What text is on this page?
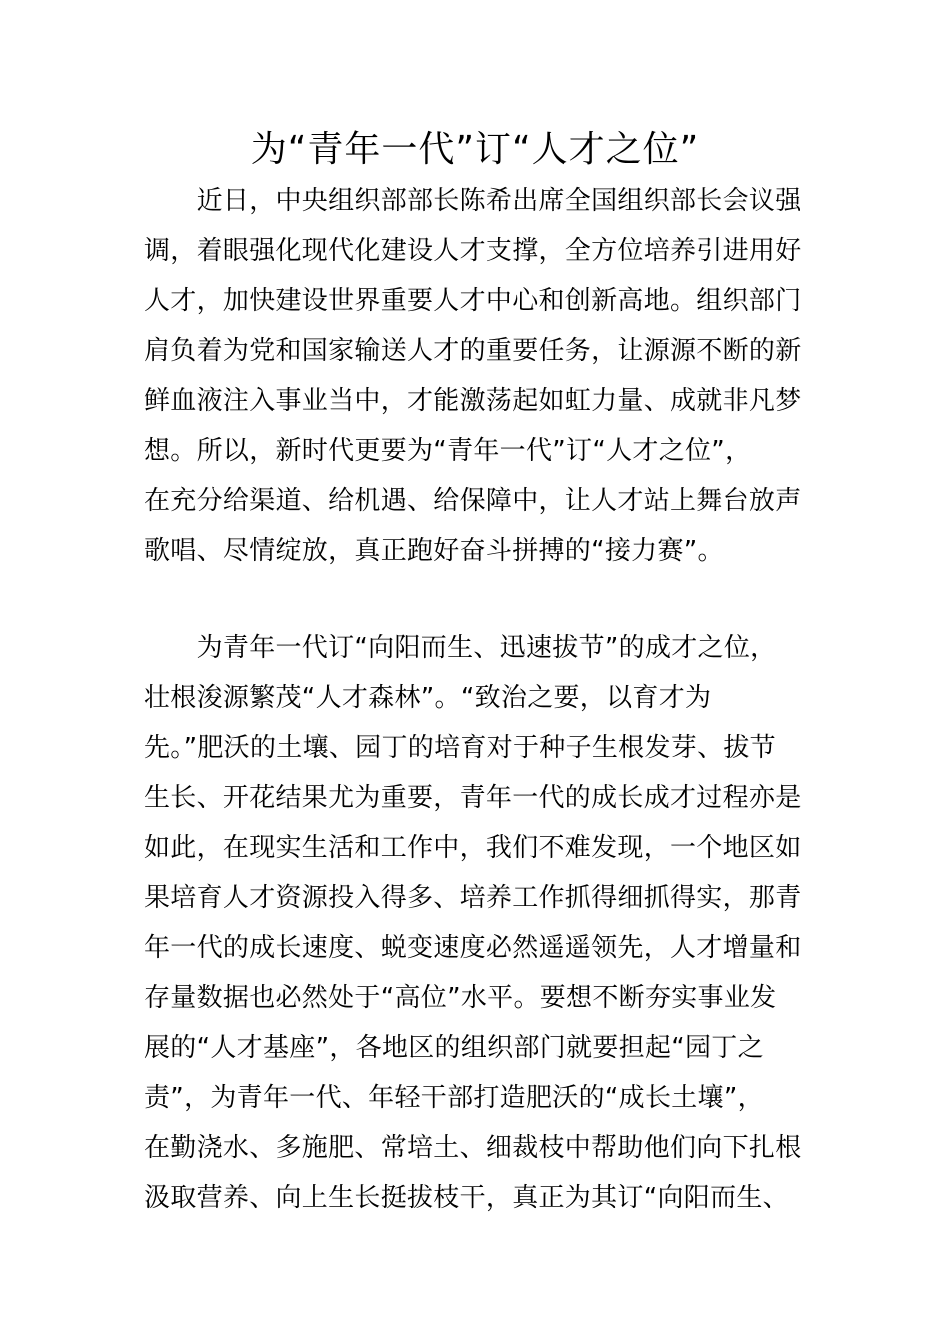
为“青年一代”订“人才之位”
　　近日，中央组织部部长陈希出席全国组织部长会议强
调，着眼强化现代化建设人才支撑，全方位培养引进用好
人才，加快建设世界重要人才中心和创新高地。组织部门
肩负着为党和国家输送人才的重要任务，让源源不断的新
鲜血液注入事业当中，才能激荡起如虹力量、成就非凡梦
想。所以，新时代更要为“青年一代”订“人才之位”，
在充分给渠道、给机遇、给保障中，让人才站上舞台放声
歌唱、尽情绽放，真正跑好奋斗拼搏的“接力赛”。
　　为青年一代订“向阳而生、迅速拔节”的成才之位，
壮根浚源繁茂“人才森林”。“致治之要，以育才为
先。”肥沃的土壤、园丁的培育对于种子生根发芽、拔节
生长、开花结果尤为重要，青年一代的成长成才过程亦是
如此，在现实生活和工作中，我们不难发现，一个地区如
果培育人才资源投入得多、培养工作抓得细抓得实，那青
年一代的成长速度、蜕变速度必然遥遥领先，人才增量和
存量数据也必然处于“高位”水平。要想不断夯实事业发
展的“人才基座”，各地区的组织部门就要担起“园丁之
责”，为青年一代、年轻干部打造肥沃的“成长土壤”，
在勤浇水、多施肥、常培土、细裁枝中帮助他们向下扎根
汲取营养、向上生长挺拔枝干，真正为其订“向阳而生、
